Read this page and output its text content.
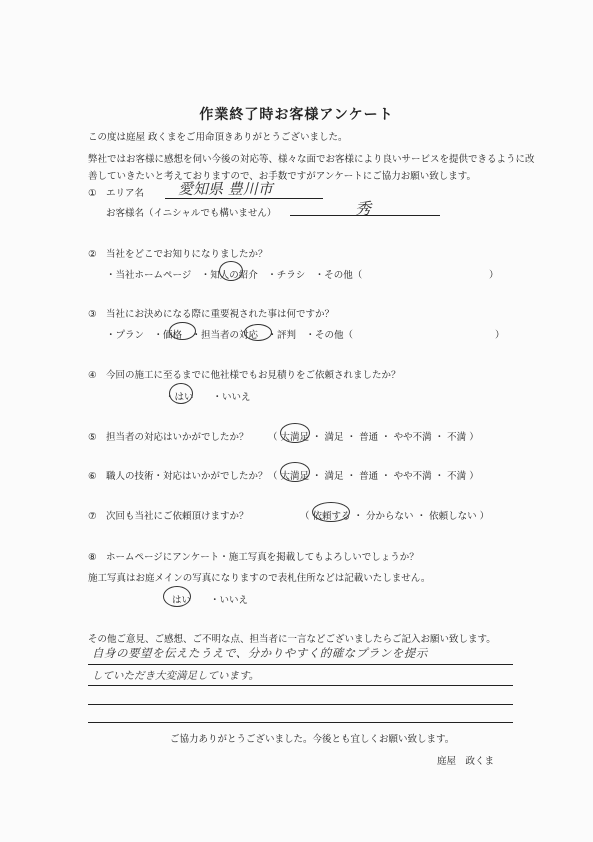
作業終了時お客様アンケート
この度は庭屋 政くまをご用命頂きありがとうございました。
弊社ではお客様に感想を伺い今後の対応等、様々な面でお客様により良いサービスを提供できるように改
善していきたいと考えておりますので、お手数ですがアンケートにご協力お願い致します。
① エリア名 愛知県 豊川市
お客様名（イニシャルでも構いません）	秀
② 当社をどこでお知りになりましたか？
・当社ホームページ　・知人の紹介　・チラシ　・その他（	）
③ 当社にお決めになる際に重要視された事は何ですか？
・プラン　・価格　・担当者の対応　・評判　・その他（	）
④ 今回の施工に至るまでに他社様でもお見積りをご依頼されましたか？
・はい　　・いいえ
⑤ 担当者の対応はいかがでしたか？ （ 大満足 ・ 満足 ・ 普通 ・ やや不満 ・ 不満 ）
⑥ 職人の技術・対応はいかがでしたか？ （ 大満足 ・ 満足 ・ 普通 ・ やや不満 ・ 不満 ）
⑦ 次回も当社にご依頼頂けますか？	（ 依頼する ・ 分からない ・ 依頼しない ）
⑧ ホームページにアンケート・施工写真を掲載してもよろしいでしょうか？
施工写真はお庭メインの写真になりますので表札住所などは記載いたしません。
はい　　・いいえ
その他ご意見、ご感想、ご不明な点、担当者に一言などございましたらご記入お願い致します。
自身の要望を伝えたうえで、分かりやすく的確なプランを提示
していただき大変満足しています。
ご協力ありがとうございました。今後とも宜しくお願い致します。
庭屋　政くま
